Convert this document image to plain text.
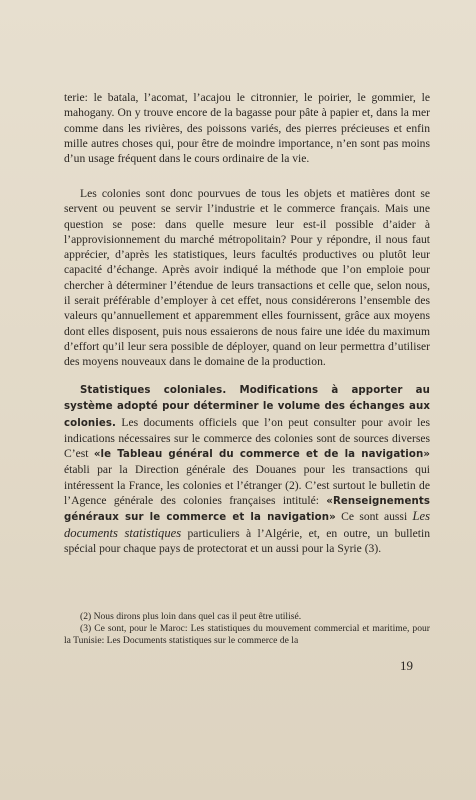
terie: le batala, l’acomat, l’acajou le citronnier, le poirier, le gommier, le mahogany. On y trouve encore de la bagasse pour pâte à papier et, dans la mer comme dans les rivières, des poissons variés, des pierres précieuses et enfin mille autres choses qui, pour être de moindre importance, n’en sont pas moins d’un usage fréquent dans le cours ordinaire de la vie.

Les colonies sont donc pourvues de tous les objets et matières dont se servent ou peuvent se servir l’industrie et le commerce français. Mais une question se pose: dans quelle mesure leur est-il possible d’aider à l’approvisionnement du marché métropolitain? Pour y répondre, il nous faut apprécier, d’après les statistiques, leurs facultés productives ou plutôt leur capacité d’échange. Après avoir indiqué la méthode que l’on emploie pour chercher à déterminer l’étendue de leurs transactions et celle que, selon nous, il serait préférable d’employer à cet effet, nous considérerons l’ensemble des valeurs qu’annuellement et apparemment elles fournissent, grâce aux moyens dont elles disposent, puis nous essaierons de nous faire une idée du maximum d’effort qu’il leur sera possible de déployer, quand on leur permettra d’utiliser des moyens nouveaux dans le domaine de la production.

Statistiques coloniales. Modifications à apporter au système adopté pour déterminer le volume des échanges aux colonies. Les documents officiels que l’on peut consulter pour avoir les indications nécessaires sur le commerce des colonies sont de sources diverses C’est «le Tableau général du commerce et de la navigation» établi par la Direction générale des Douanes pour les transactions qui intéressent la France, les colonies et l’étranger (2). C’est surtout le bulletin de l’Agence générale des colonies françaises intitulé: «Renseignements généraux sur le commerce et la navigation» Ce sont aussi Les documents statistiques particuliers à l’Algérie, et, en outre, un bulletin spécial pour chaque pays de protectorat et un aussi pour la Syrie (3).

(2) Nous dirons plus loin dans quel cas il peut être utilisé.

(3) Ce sont, pour le Maroc: Les statistiques du mouvement commercial et maritime, pour la Tunisie: Les Documents statistiques sur le commerce de la

19
